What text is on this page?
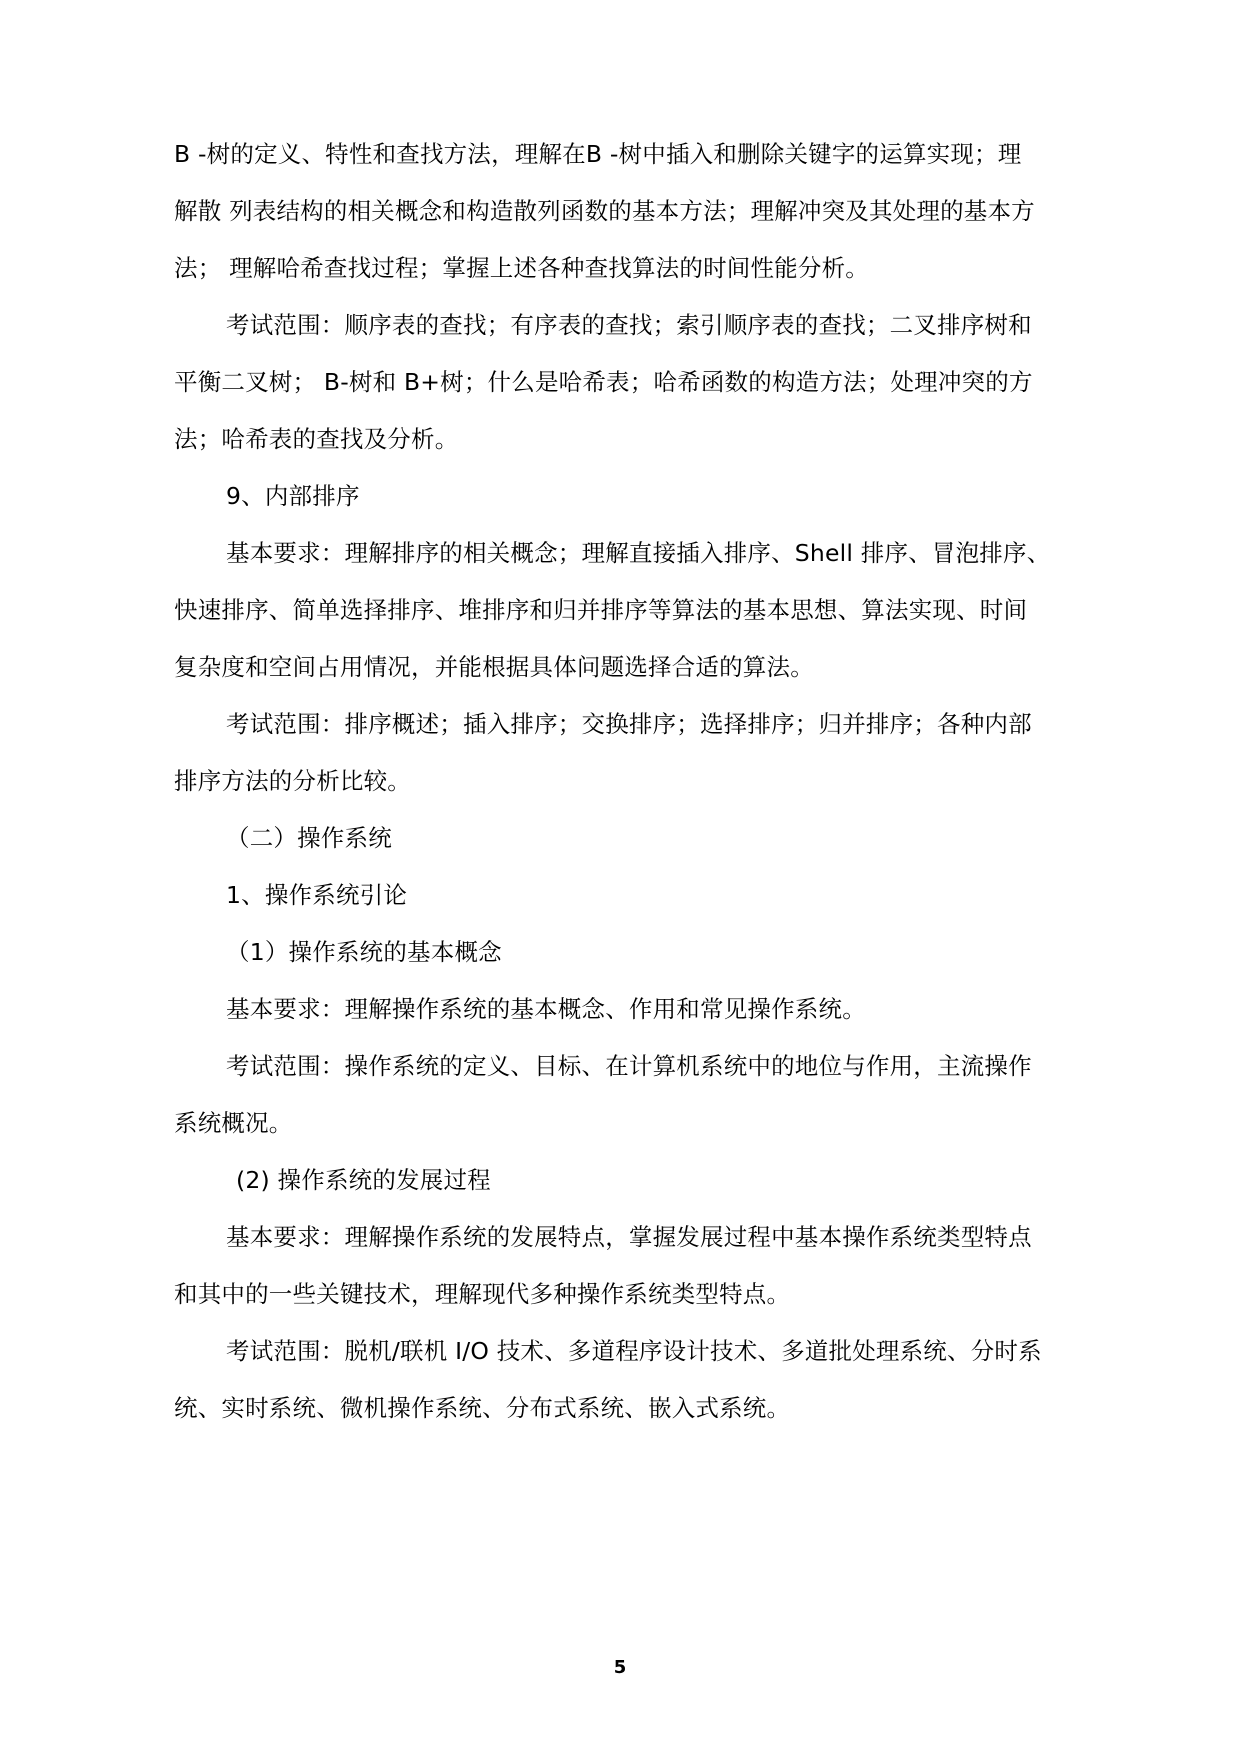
B -树的定义、特性和查找方法，理解在B -树中插入和删除关键字的运算实现；理
解散 列表结构的相关概念和构造散列函数的基本方法；理解冲突及其处理的基本方
法； 理解哈希查找过程；掌握上述各种查找算法的时间性能分析。
考试范围：顺序表的查找；有序表的查找；索引顺序表的查找；二叉排序树和
平衡二叉树； B-树和 B+树；什么是哈希表；哈希函数的构造方法；处理冲突的方
法；哈希表的查找及分析。
9、内部排序
基本要求：理解排序的相关概念；理解直接插入排序、Shell 排序、冒泡排序、
快速排序、简单选择排序、堆排序和归并排序等算法的基本思想、算法实现、时间
复杂度和空间占用情况，并能根据具体问题选择合适的算法。
考试范围：排序概述；插入排序；交换排序；选择排序；归并排序；各种内部
排序方法的分析比较。
（二）操作系统
1、操作系统引论
（1）操作系统的基本概念
基本要求：理解操作系统的基本概念、作用和常见操作系统。
考试范围：操作系统的定义、目标、在计算机系统中的地位与作用，主流操作
系统概况。
(2) 操作系统的发展过程
基本要求：理解操作系统的发展特点，掌握发展过程中基本操作系统类型特点
和其中的一些关键技术，理解现代多种操作系统类型特点。
考试范围：脱机/联机 I/O 技术、多道程序设计技术、多道批处理系统、分时系
统、实时系统、微机操作系统、分布式系统、嵌入式系统。
5
